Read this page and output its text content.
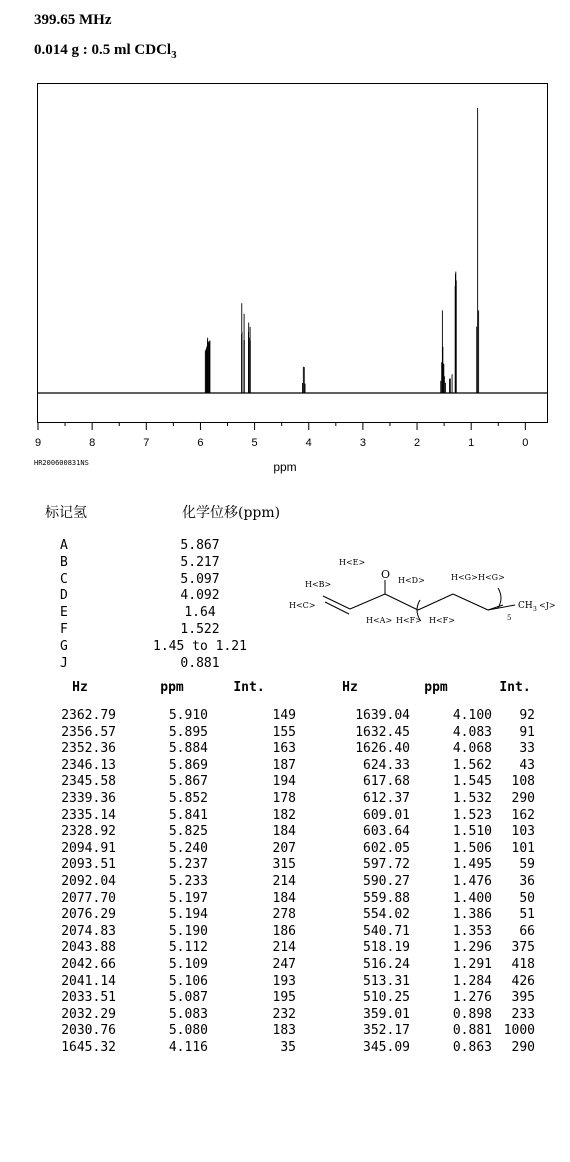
399.65 MHz
0.014 g : 0.5 ml CDCl$_3$
9	8	7	6	5	4	3	2	1	0
ppm
HR200600831NS
标记氢	化学位移(ppm)
A	5.867
B	5.217
C	5.097
D	4.092
E	1.64
F	1.522
G	1.45 to 1.21
J	0.881
H<E>
O
H<B>	H<D>	H<G> H<G>
H<C>
H<A> H<F> H<F>	5
CH 3 <J>
Hz	ppm	Int.	Hz	ppm	Int.
2362.79	5.910	149	1639.04	4.100	92
2356.57	5.895	155	1632.45	4.083	91
2352.36	5.884	163	1626.40	4.068	33
2346.13	5.869	187	624.33	1.562	43
2345.58	5.867	194	617.68	1.545	108
2339.36	5.852	178	612.37	1.532	290
2335.14	5.841	182	609.01	1.523	162
2328.92	5.825	184	603.64	1.510	103
2094.91	5.240	207	602.05	1.506	101
2093.51	5.237	315	597.72	1.495	59
2092.04	5.233	214	590.27	1.476	36
2077.70	5.197	184	559.88	1.400	50
2076.29	5.194	278	554.02	1.386	51
2074.83	5.190	186	540.71	1.353	66
2043.88	5.112	214	518.19	1.296	375
2042.66	5.109	247	516.24	1.291	418
2041.14	5.106	193	513.31	1.284	426
2033.51	5.087	195	510.25	1.276	395
2032.29	5.083	232	359.01	0.898	233
2030.76	5.080	183	352.17	0.881 1000
1645.32	4.116	35	345.09	0.863	290
